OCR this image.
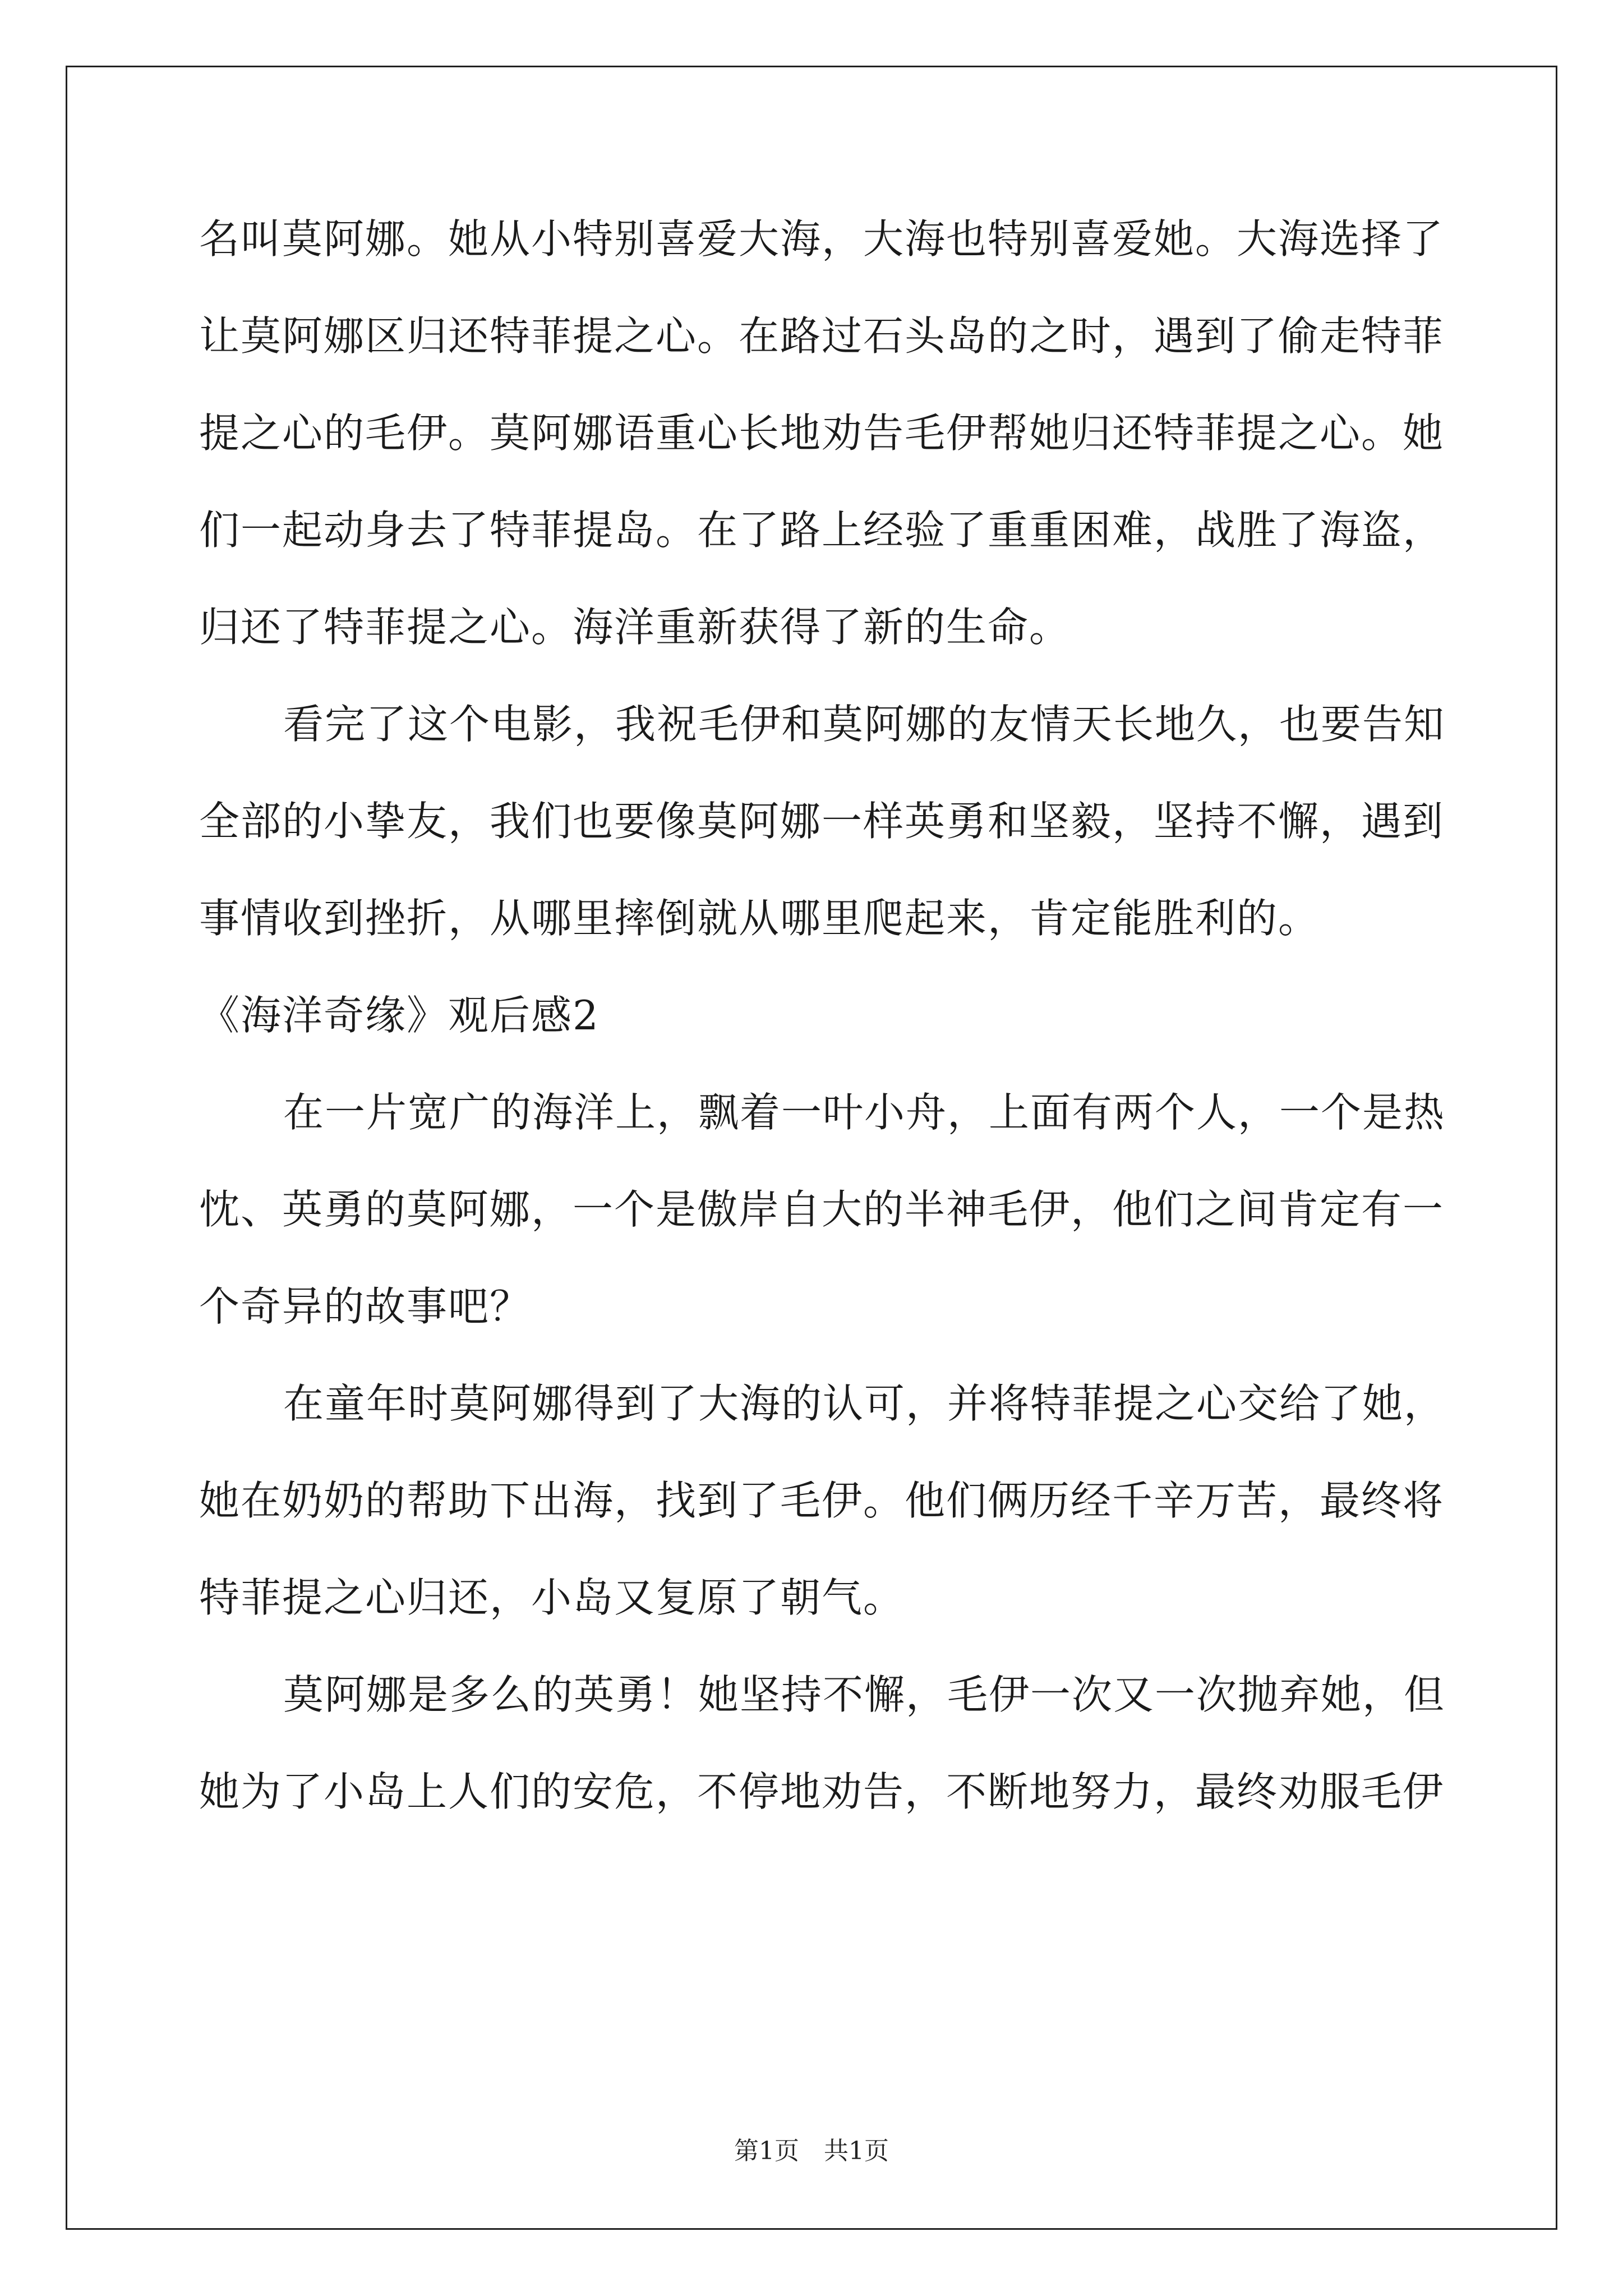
名叫莫阿娜。她从小特别喜爱大海，大海也特别喜爱她。大海选择了
让莫阿娜区归还特菲提之心。在路过石头岛的之时，遇到了偷走特菲
提之心的毛伊。莫阿娜语重心长地劝告毛伊帮她归还特菲提之心。她
们一起动身去了特菲提岛。在了路上经验了重重困难，战胜了海盗，
归还了特菲提之心。海洋重新获得了新的生命。
看完了这个电影，我祝毛伊和莫阿娜的友情天长地久，也要告知
全部的小挚友，我们也要像莫阿娜一样英勇和坚毅，坚持不懈，遇到
事情收到挫折，从哪里摔倒就从哪里爬起来，肯定能胜利的。
《海洋奇缘》观后感2
在一片宽广的海洋上，飘着一叶小舟，上面有两个人，一个是热
忱、英勇的莫阿娜，一个是傲岸自大的半神毛伊，他们之间肯定有一
个奇异的故事吧？
在童年时莫阿娜得到了大海的认可，并将特菲提之心交给了她，
她在奶奶的帮助下出海，找到了毛伊。他们俩历经千辛万苦，最终将
特菲提之心归还，小岛又复原了朝气。
莫阿娜是多么的英勇！她坚持不懈，毛伊一次又一次抛弃她，但
她为了小岛上人们的安危，不停地劝告，不断地努力，最终劝服毛伊
第1页　共1页
